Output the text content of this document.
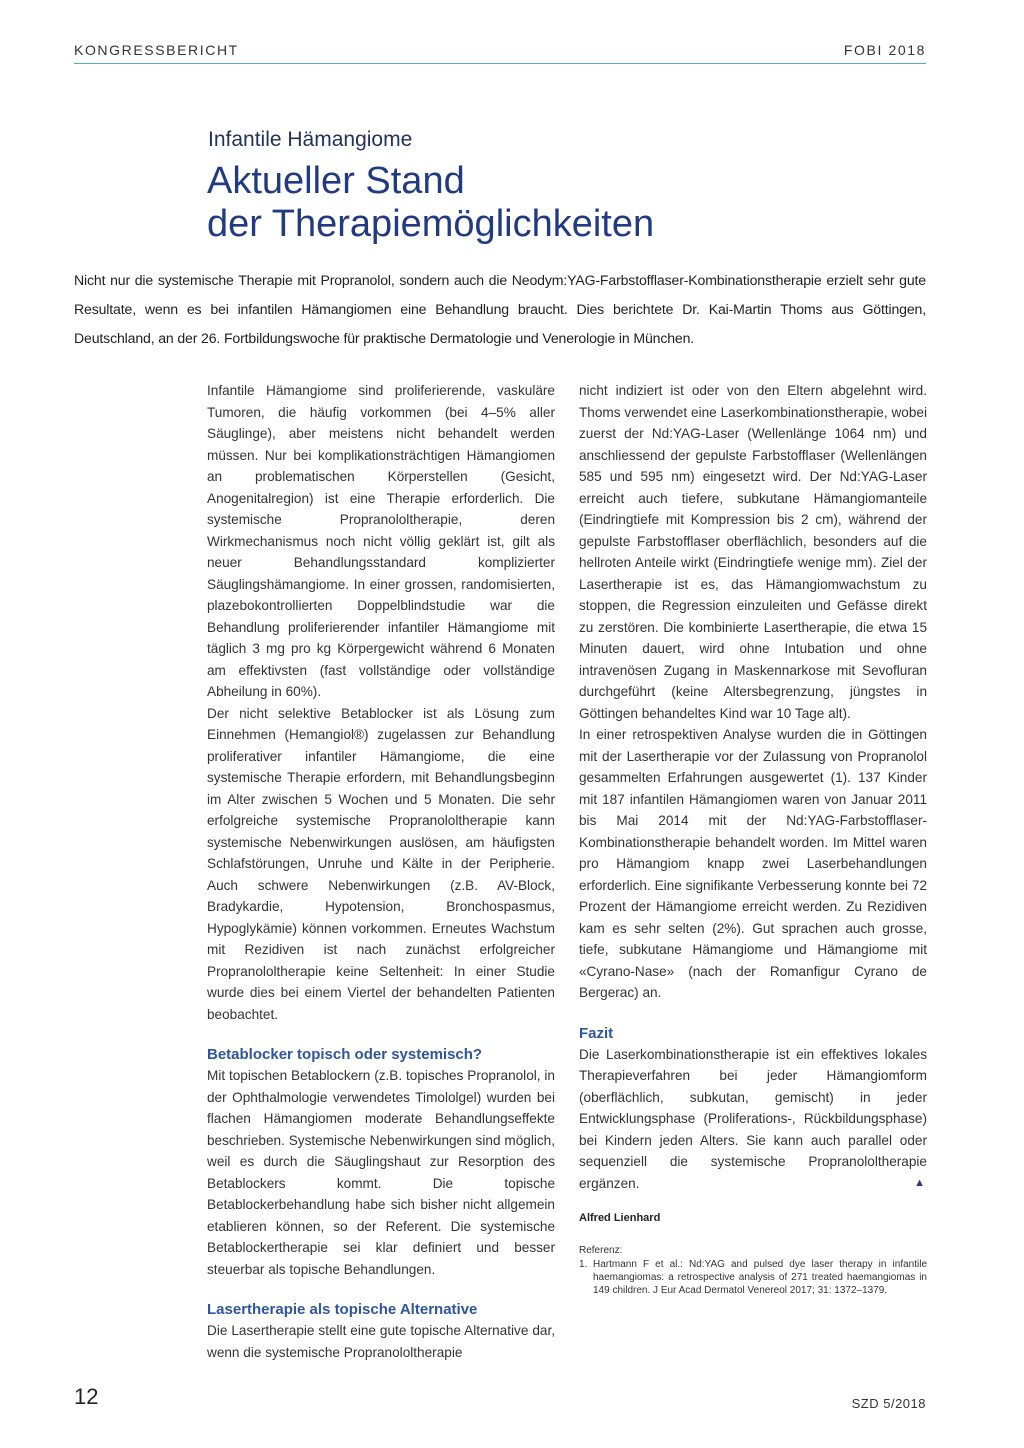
KONGRESSBERICHT	FOBI 2018
Infantile Hämangiome
Aktueller Stand
der Therapiemöglichkeiten
Nicht nur die systemische Therapie mit Propranolol, sondern auch die Neodym:YAG-Farbstofflaser-Kombinationstherapie erzielt sehr gute Resultate, wenn es bei infantilen Hämangiomen eine Behandlung braucht. Dies berichtete Dr. Kai-Martin Thoms aus Göttingen, Deutschland, an der 26. Fortbildungswoche für praktische Dermatologie und Venerologie in München.

Infantile Hämangiome sind proliferierende, vaskuläre Tumoren, die häufig vorkommen (bei 4–5% aller Säuglinge), aber meistens nicht behandelt werden müssen. Nur bei komplikationsträchtigen Hämangiomen an problematischen Körperstellen (Gesicht, Anogenitalregion) ist eine Therapie erforderlich. Die systemische Propranololtherapie, deren Wirkmechanismus noch nicht völlig geklärt ist, gilt als neuer Behandlungsstandard komplizierter Säuglingshämangiome. In einer grossen, randomisierten, plazebokontrollierten Doppelblindstudie war die Behandlung proliferierender infantiler Hämangiome mit täglich 3 mg pro kg Körpergewicht während 6 Monaten am effektivsten (fast vollständige oder vollständige Abheilung in 60%).

Der nicht selektive Betablocker ist als Lösung zum Einnehmen (Hemangiol®) zugelassen zur Behandlung proliferativer infantiler Hämangiome, die eine systemische Therapie erfordern, mit Behandlungsbeginn im Alter zwischen 5 Wochen und 5 Monaten. Die sehr erfolgreiche systemische Propranololtherapie kann systemische Nebenwirkungen auslösen, am häufigsten Schlafstörungen, Unruhe und Kälte in der Peripherie. Auch schwere Nebenwirkungen (z.B. AV-Block, Bradykardie, Hypotension, Bronchospasmus, Hypoglykämie) können vorkommen. Erneutes Wachstum mit Rezidiven ist nach zunächst erfolgreicher Propranololtherapie keine Seltenheit: In einer Studie wurde dies bei einem Viertel der behandelten Patienten beobachtet.

Betablocker topisch oder systemisch?

Mit topischen Betablockern (z.B. topisches Propranolol, in der Ophthalmologie verwendetes Timololgel) wurden bei flachen Hämangiomen moderate Behandlungseffekte beschrieben. Systemische Nebenwirkungen sind möglich, weil es durch die Säuglingshaut zur Resorption des Betablockers kommt. Die topische Betablockerbehandlung habe sich bisher nicht allgemein etablieren können, so der Referent. Die systemische Betablockertherapie sei klar definiert und besser steuerbar als topische Behandlungen.

Lasertherapie als topische Alternative

Die Lasertherapie stellt eine gute topische Alternative dar, wenn die systemische Propranololtherapie

nicht indiziert ist oder von den Eltern abgelehnt wird. Thoms verwendet eine Laserkombinationstherapie, wobei zuerst der Nd:YAG-Laser (Wellenlänge 1064 nm) und anschliessend der gepulste Farbstofflaser (Wellenlängen 585 und 595 nm) eingesetzt wird. Der Nd:YAG-Laser erreicht auch tiefere, subkutane Hämangiomanteile (Eindringtiefe mit Kompression bis 2 cm), während der gepulste Farbstofflaser oberflächlich, besonders auf die hellroten Anteile wirkt (Eindringtiefe wenige mm). Ziel der Lasertherapie ist es, das Hämangiomwachstum zu stoppen, die Regression einzuleiten und Gefässe direkt zu zerstören. Die kombinierte Lasertherapie, die etwa 15 Minuten dauert, wird ohne Intubation und ohne intravenösen Zugang in Maskennarkose mit Sevofluran durchgeführt (keine Altersbegrenzung, jüngstes in Göttingen behandeltes Kind war 10 Tage alt).

In einer retrospektiven Analyse wurden die in Göttingen mit der Lasertherapie vor der Zulassung von Propranolol gesammelten Erfahrungen ausgewertet (1). 137 Kinder mit 187 infantilen Hämangiomen waren von Januar 2011 bis Mai 2014 mit der Nd:YAG-Farbstofflaser-Kombinationstherapie behandelt worden. Im Mittel waren pro Hämangiom knapp zwei Laserbehandlungen erforderlich. Eine signifikante Verbesserung konnte bei 72 Prozent der Hämangiome erreicht werden. Zu Rezidiven kam es sehr selten (2%). Gut sprachen auch grosse, tiefe, subkutane Hämangiome und Hämangiome mit «Cyrano-Nase» (nach der Romanfigur Cyrano de Bergerac) an.

Fazit

Die Laserkombinationstherapie ist ein effektives lokales Therapieverfahren bei jeder Hämangiomform (oberflächlich, subkutan, gemischt) in jeder Entwicklungsphase (Proliferations-, Rückbildungsphase) bei Kindern jeden Alters. Sie kann auch parallel oder sequenziell die systemische Propranololtherapie ergänzen.	▲

Alfred Lienhard

Referenz:

1. Hartmann F et al.: Nd:YAG and pulsed dye laser therapy in infantile haemangiomas: a retrospective analysis of 271 treated haemangiomas in 149 children. J Eur Acad Dermatol Venereol 2017; 31: 1372–1379.
12	SZD 5/2018
